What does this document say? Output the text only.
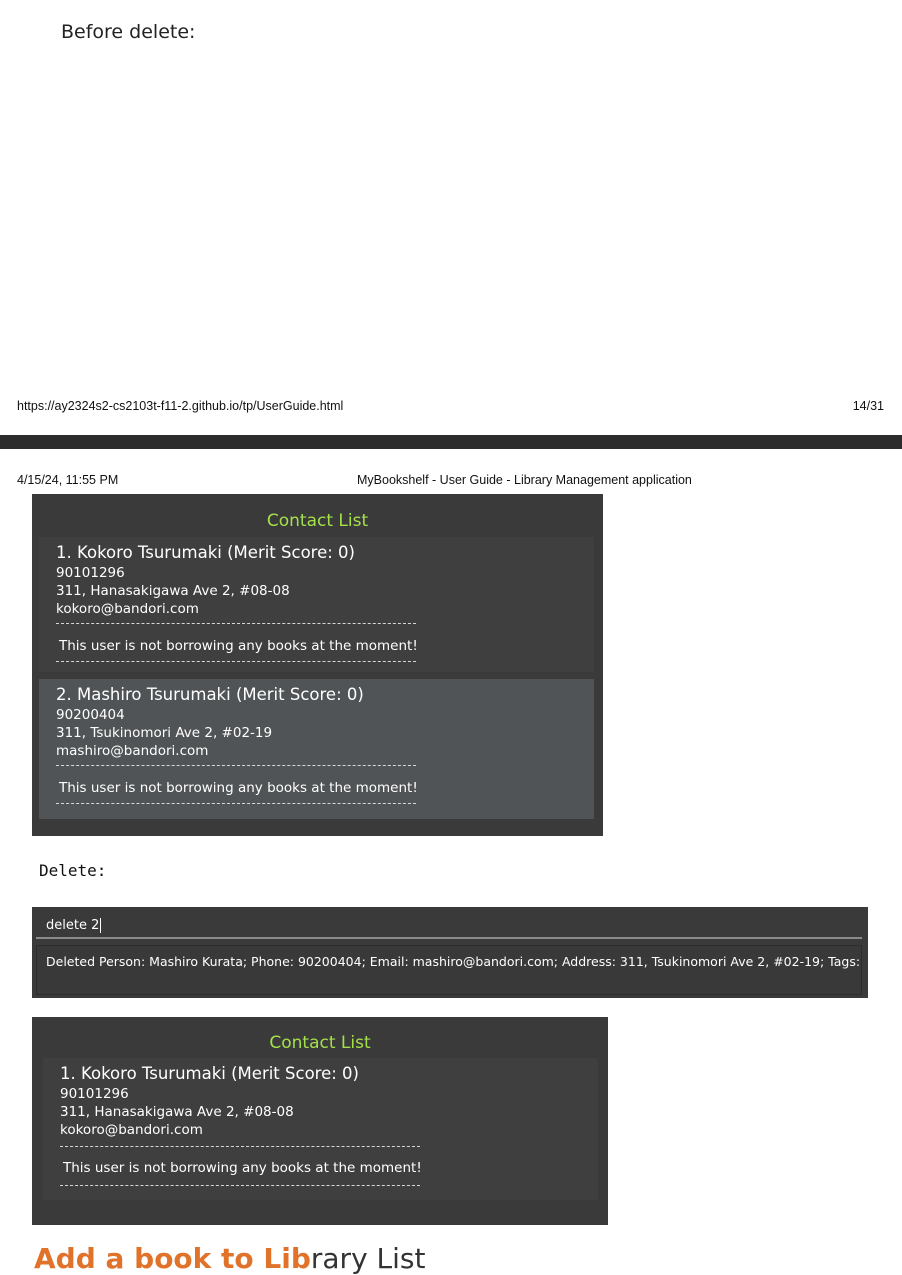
Before delete:
https://ay2324s2-cs2103t-f11-2.github.io/tp/UserGuide.html	14/31
4/15/24, 11:55 PM	MyBookshelf - User Guide - Library Management application
Contact List
1. Kokoro Tsurumaki (Merit Score: 0)
90101296
311, Hanasakigawa Ave 2, #08-08
kokoro@bandori.com
This user is not borrowing any books at the moment!
2. Mashiro Tsurumaki (Merit Score: 0)
90200404
311, Tsukinomori Ave 2, #02-19
mashiro@bandori.com
This user is not borrowing any books at the moment!
Delete:
delete 2
Deleted Person: Mashiro Kurata; Phone: 90200404; Email: mashiro@bandori.com; Address: 311, Tsukinomori Ave 2, #02-19; Tags:
Contact List
1. Kokoro Tsurumaki (Merit Score: 0)
90101296
311, Hanasakigawa Ave 2, #08-08
kokoro@bandori.com
This user is not borrowing any books at the moment!
Add a book to Library List
